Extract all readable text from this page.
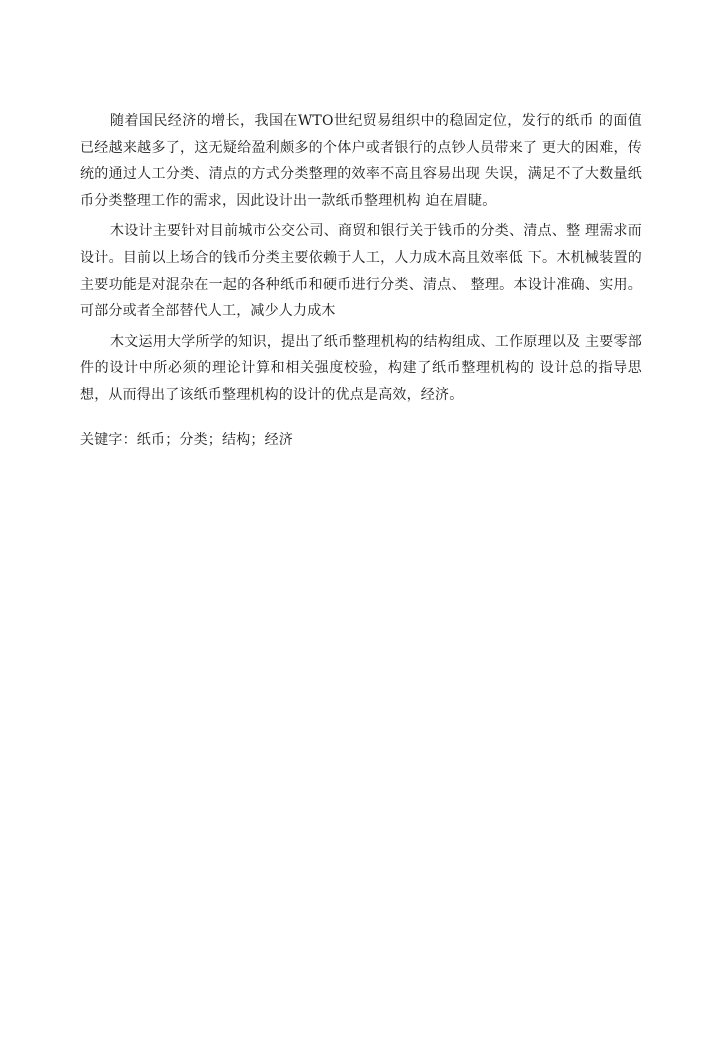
随着国民经济的增长，我国在WTO世纪贸易组织中的稳固定位，发行的纸币 的面值已经越来越多了，这无疑给盈利颇多的个体户或者银行的点钞人员带来了 更大的困难，传统的通过人工分类、清点的方式分类整理的效率不高且容易出现 失误，满足不了大数量纸币分类整理工作的需求，因此设计出一款纸币整理机构 迫在眉睫。

木设计主要针对目前城市公交公司、商贸和银行关于钱币的分类、清点、整 理需求而设计。目前以上场合的钱币分类主要依赖于人工，人力成木高且效率低 下。木机械装置的主要功能是对混杂在一起的各种纸币和硬币进行分类、清点、 整理。本设计准确、实用。可部分或者全部替代人工，减少人力成木

木文运用大学所学的知识，提出了纸币整理机构的结构组成、工作原理以及 主要零部件的设计中所必须的理论计算和相关强度校验，构建了纸币整理机构的 设计总的指导思想，从而得出了该纸币整理机构的设计的优点是高效，经济。

关键字：纸币；分类；结构；经济
